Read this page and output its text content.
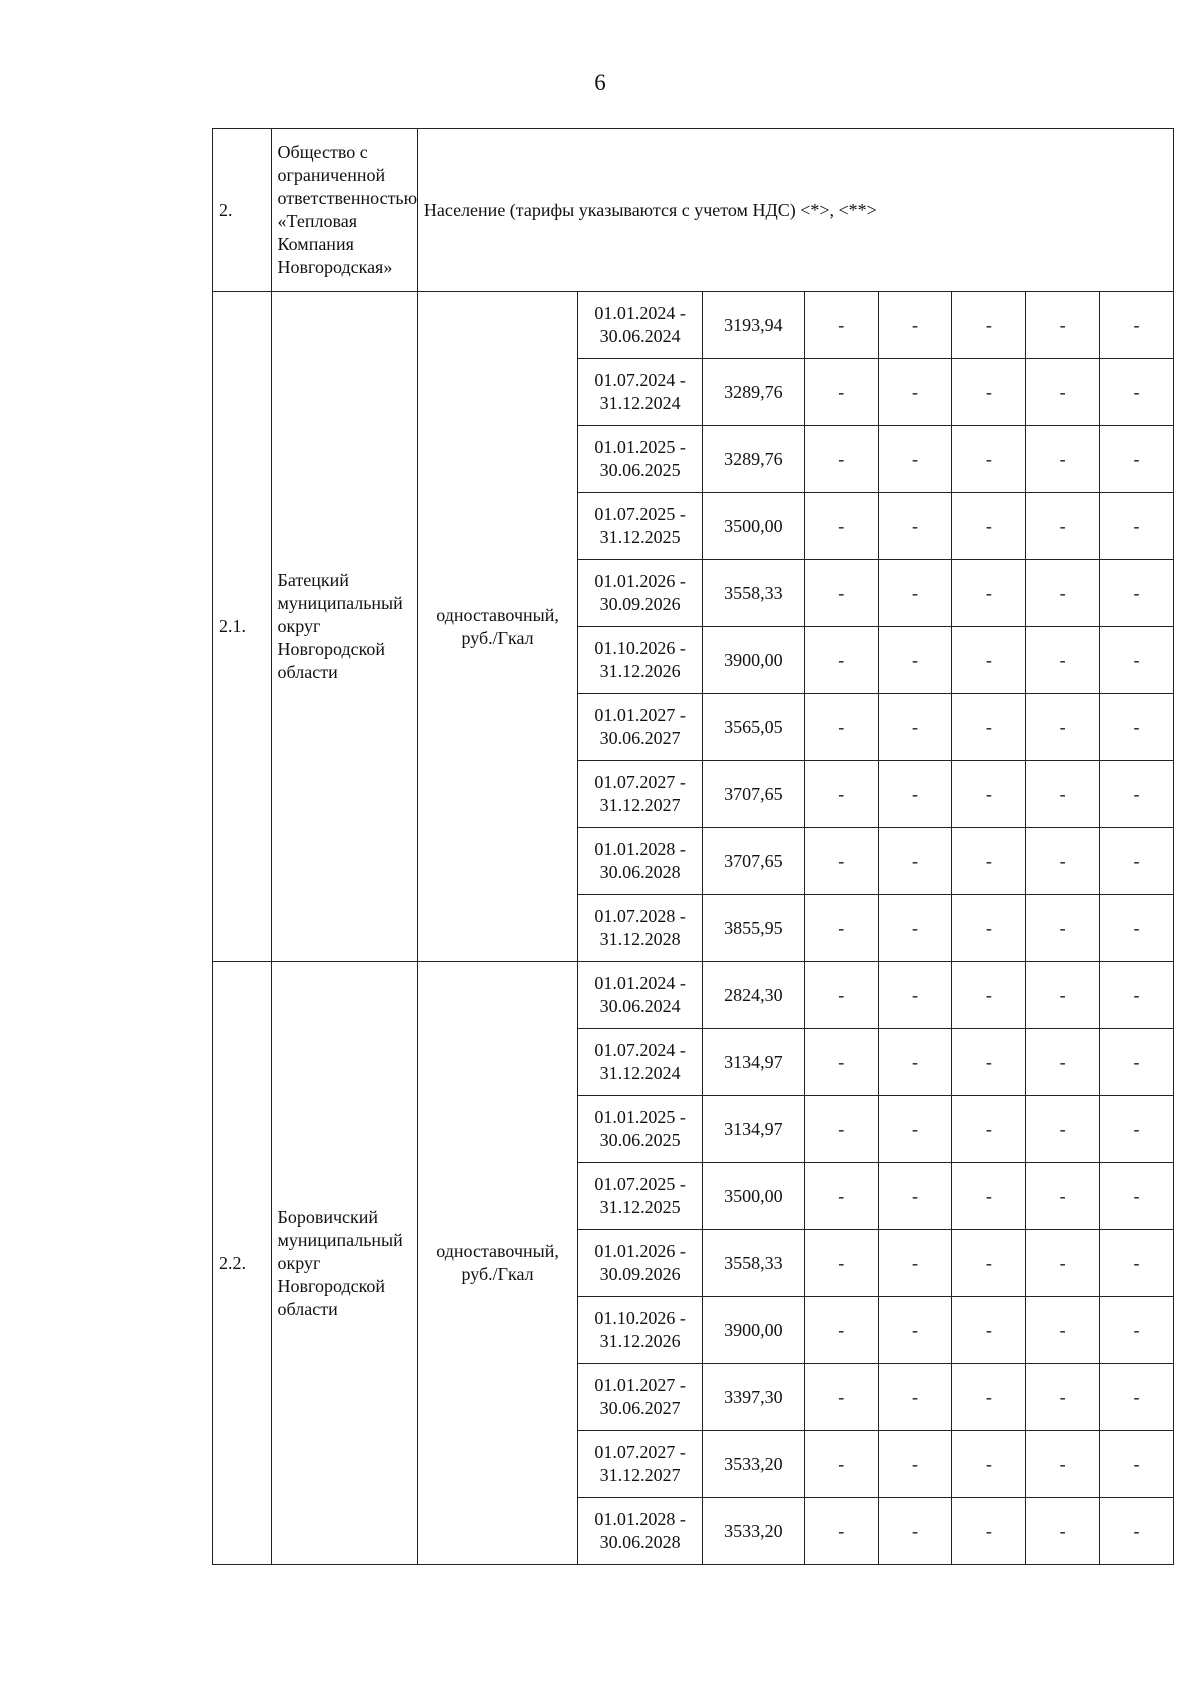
6
2.	Общество с ограниченной ответственностью «Тепловая Компания Новгородская»	Население (тарифы указываются с учетом НДС) <*>, <**>							
2.1.	Батецкий муниципальный округ Новгородской области	одноставочный, руб./Гкал	01.01.2024 - 30.06.2024	3193,94	-	-	-	-	-
			01.07.2024 - 31.12.2024	3289,76	-	-	-	-	-
			01.01.2025 - 30.06.2025	3289,76	-	-	-	-	-
			01.07.2025 - 31.12.2025	3500,00	-	-	-	-	-
			01.01.2026 - 30.09.2026	3558,33	-	-	-	-	-
			01.10.2026 - 31.12.2026	3900,00	-	-	-	-	-
			01.01.2027 - 30.06.2027	3565,05	-	-	-	-	-
			01.07.2027 - 31.12.2027	3707,65	-	-	-	-	-
			01.01.2028 - 30.06.2028	3707,65	-	-	-	-	-
			01.07.2028 - 31.12.2028	3855,95	-	-	-	-	-
2.2.	Боровичский муниципальный округ Новгородской области	одноставочный, руб./Гкал	01.01.2024 - 30.06.2024	2824,30	-	-	-	-	-
			01.07.2024 - 31.12.2024	3134,97	-	-	-	-	-
			01.01.2025 - 30.06.2025	3134,97	-	-	-	-	-
			01.07.2025 - 31.12.2025	3500,00	-	-	-	-	-
			01.01.2026 - 30.09.2026	3558,33	-	-	-	-	-
			01.10.2026 - 31.12.2026	3900,00	-	-	-	-	-
			01.01.2027 - 30.06.2027	3397,30	-	-	-	-	-
			01.07.2027 - 31.12.2027	3533,20	-	-	-	-	-
			01.01.2028 - 30.06.2028	3533,20	-	-	-	-	-
